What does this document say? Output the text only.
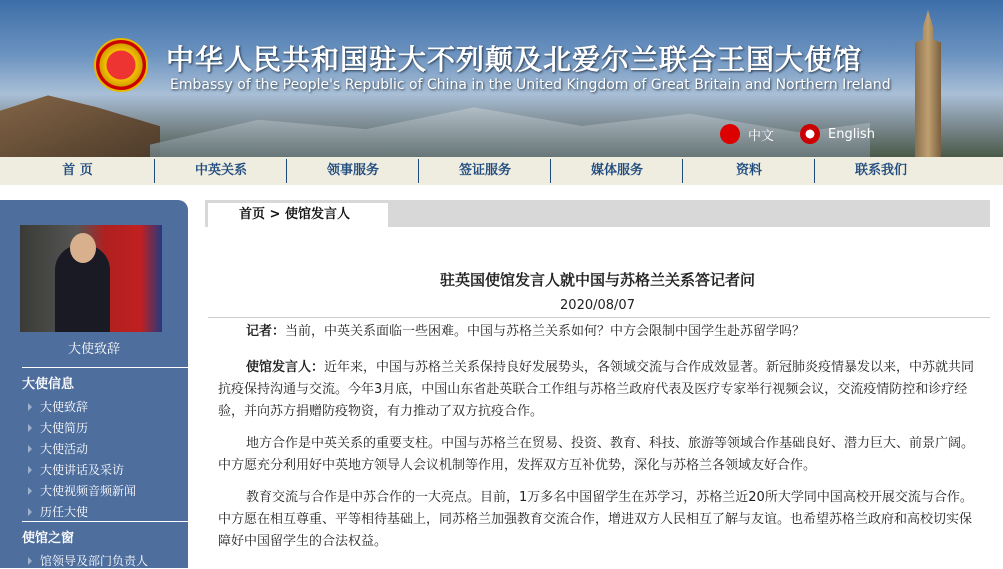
中华人民共和国驻大不列颠及北爱尔兰联合王国大使馆
Embassy of the People's Republic of China in the United Kingdom of Great Britain and Northern Ireland
中文	English
首 页	中英关系	领事服务	签证服务	媒体服务	资料	联系我们
大使致辞
大使信息
大使致辞
大使简历
大使活动
大使讲话及采访
大使视频音频新闻
历任大使
使馆之窗
馆领导及部门负责人
首页 > 使馆发言人
驻英国使馆发言人就中国与苏格兰关系答记者问
2020/08/07
记者：当前，中英关系面临一些困难。中国与苏格兰关系如何？中方会限制中国学生赴苏留学吗？
使馆发言人：近年来，中国与苏格兰关系保持良好发展势头，各领域交流与合作成效显著。新冠肺炎疫情暴发以来，中苏就共同抗疫保持沟通与交流。今年3月底，中国山东省赴英联合工作组与苏格兰政府代表及医疗专家举行视频会议，交流疫情防控和诊疗经验，并向苏方捐赠防疫物资，有力推动了双方抗疫合作。
地方合作是中英关系的重要支柱。中国与苏格兰在贸易、投资、教育、科技、旅游等领域合作基础良好、潜力巨大、前景广阔。中方愿充分利用好中英地方领导人会议机制等作用，发挥双方互补优势，深化与苏格兰各领域友好合作。
教育交流与合作是中苏合作的一大亮点。目前，1万多名中国留学生在苏学习，苏格兰近20所大学同中国高校开展交流与合作。中方愿在相互尊重、平等相待基础上，同苏格兰加强教育交流合作，增进双方人民相互了解与友谊。也希望苏格兰政府和高校切实保障好中国留学生的合法权益。
